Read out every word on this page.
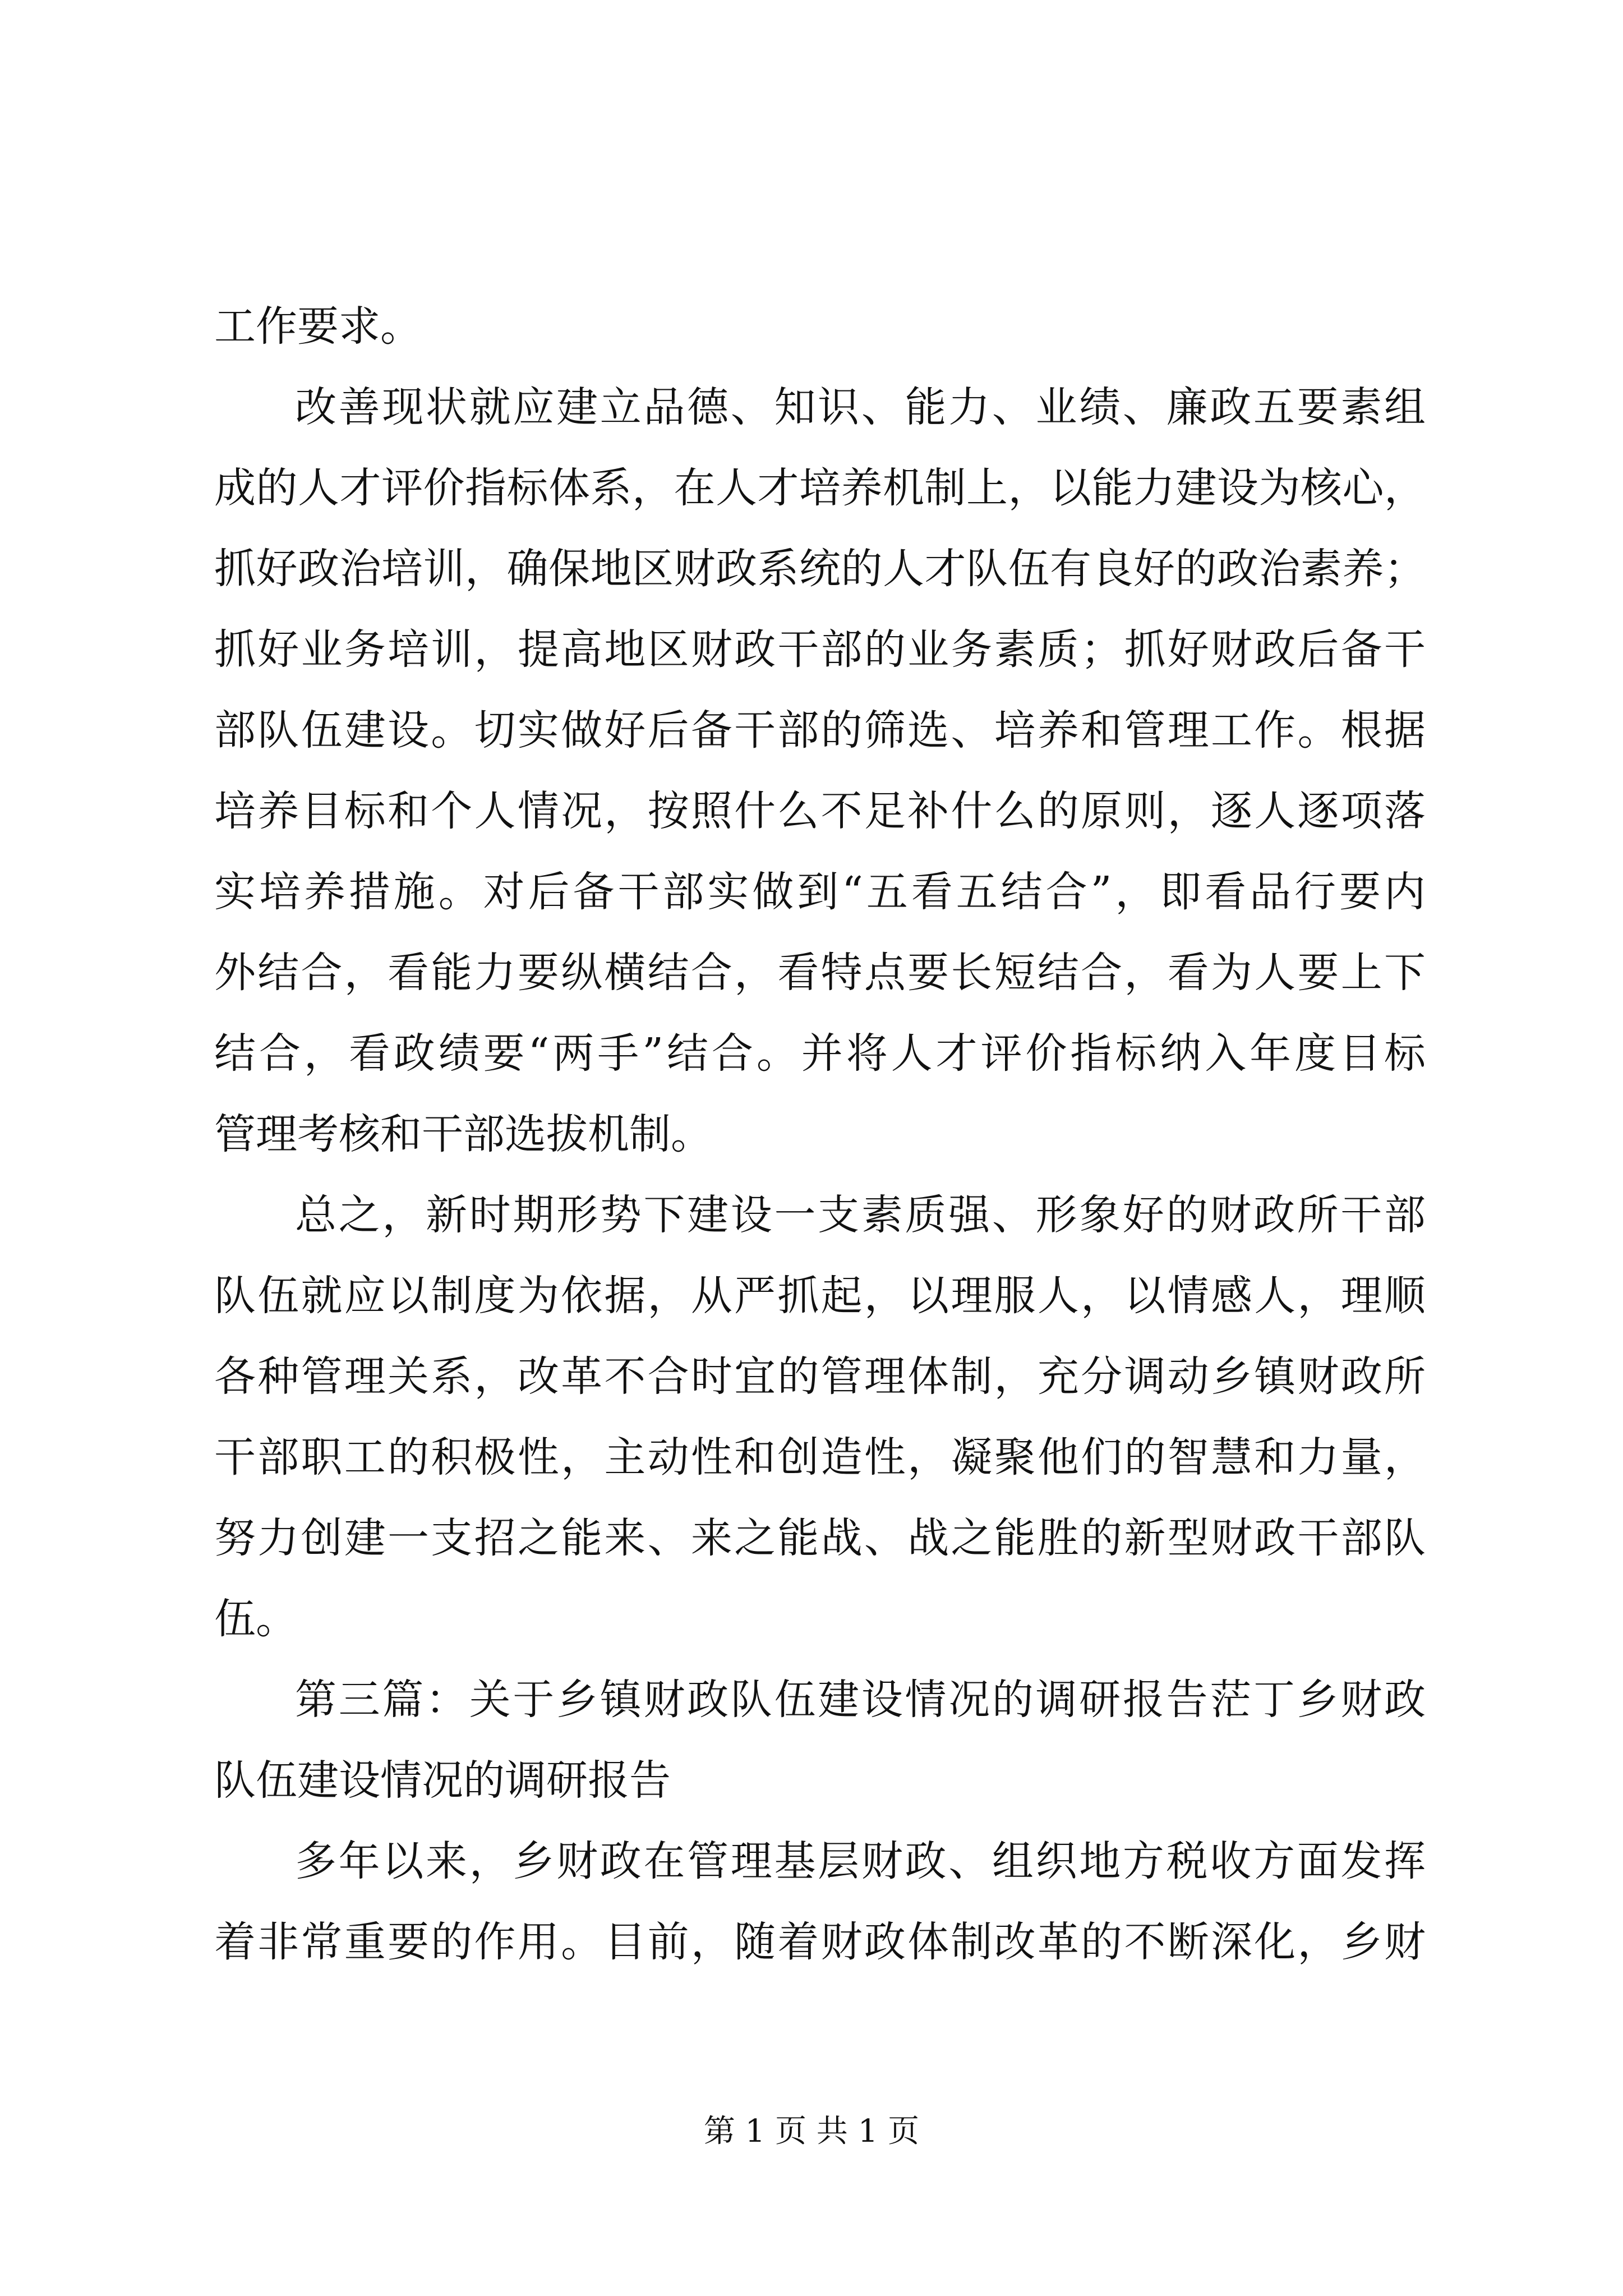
工作要求。
改善现状就应建立品德、知识、能力、业绩、廉政五要素组
成的人才评价指标体系，在人才培养机制上，以能力建设为核心，
抓好政治培训，确保地区财政系统的人才队伍有良好的政治素养；
抓好业务培训，提高地区财政干部的业务素质；抓好财政后备干
部队伍建设。切实做好后备干部的筛选、培养和管理工作。根据
培养目标和个人情况，按照什么不足补什么的原则，逐人逐项落
实培养措施。对后备干部实做到“五看五结合”，即看品行要内
外结合，看能力要纵横结合，看特点要长短结合，看为人要上下
结合，看政绩要“两手”结合。并将人才评价指标纳入年度目标
管理考核和干部选拔机制。
总之，新时期形势下建设一支素质强、形象好的财政所干部
队伍就应以制度为依据，从严抓起，以理服人，以情感人，理顺
各种管理关系，改革不合时宜的管理体制，充分调动乡镇财政所
干部职工的积极性，主动性和创造性，凝聚他们的智慧和力量，
努力创建一支招之能来、来之能战、战之能胜的新型财政干部队
伍。
第三篇：关于乡镇财政队伍建设情况的调研报告茫丁乡财政
队伍建设情况的调研报告
多年以来，乡财政在管理基层财政、组织地方税收方面发挥
着非常重要的作用。目前，随着财政体制改革的不断深化，乡财
第 1 页 共 1 页
